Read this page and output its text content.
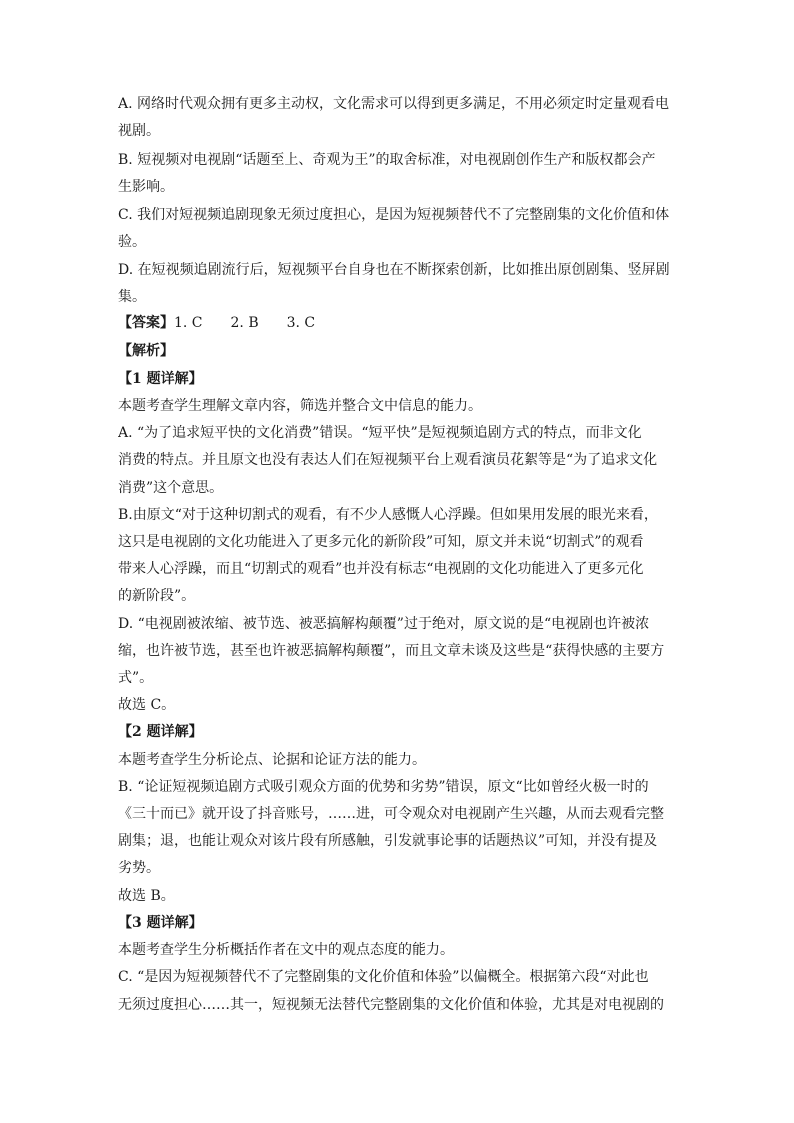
A. 网络时代观众拥有更多主动权，文化需求可以得到更多满足，不用必须定时定量观看电
视剧。
B. 短视频对电视剧“话题至上、奇观为王”的取舍标准，对电视剧创作生产和版权都会产
生影响。
C. 我们对短视频追剧现象无须过度担心，是因为短视频替代不了完整剧集的文化价值和体
验。
D. 在短视频追剧流行后，短视频平台自身也在不断探索创新，比如推出原创剧集、竖屏剧
集。
【答案】1. C　　2. B　　3. C
【解析】
【1 题详解】
本题考查学生理解文章内容，筛选并整合文中信息的能力。
A. “为了追求短平快的文化消费”错误。“短平快”是短视频追剧方式的特点，而非文化
消费的特点。并且原文也没有表达人们在短视频平台上观看演员花絮等是“为了追求文化
消费”这个意思。
B.由原文“对于这种切割式的观看，有不少人感慨人心浮躁。但如果用发展的眼光来看，
这只是电视剧的文化功能进入了更多元化的新阶段”可知，原文并未说“切割式”的观看
带来人心浮躁，而且“切割式的观看”也并没有标志“电视剧的文化功能进入了更多元化
的新阶段”。
D. “电视剧被浓缩、被节选、被恶搞解构颠覆”过于绝对，原文说的是“电视剧也许被浓
缩，也许被节选，甚至也许被恶搞解构颠覆”，而且文章未谈及这些是“获得快感的主要方
式”。
故选 C。
【2 题详解】
本题考查学生分析论点、论据和论证方法的能力。
B. “论证短视频追剧方式吸引观众方面的优势和劣势”错误，原文“比如曾经火极一时的
《三十而已》就开设了抖音账号，……进，可令观众对电视剧产生兴趣，从而去观看完整
剧集；退，也能让观众对该片段有所感触，引发就事论事的话题热议”可知，并没有提及
劣势。
故选 B。
【3 题详解】
本题考查学生分析概括作者在文中的观点态度的能力。
C. “是因为短视频替代不了完整剧集的文化价值和体验”以偏概全。根据第六段“对此也
无须过度担心……其一，短视频无法替代完整剧集的文化价值和体验，尤其是对电视剧的
